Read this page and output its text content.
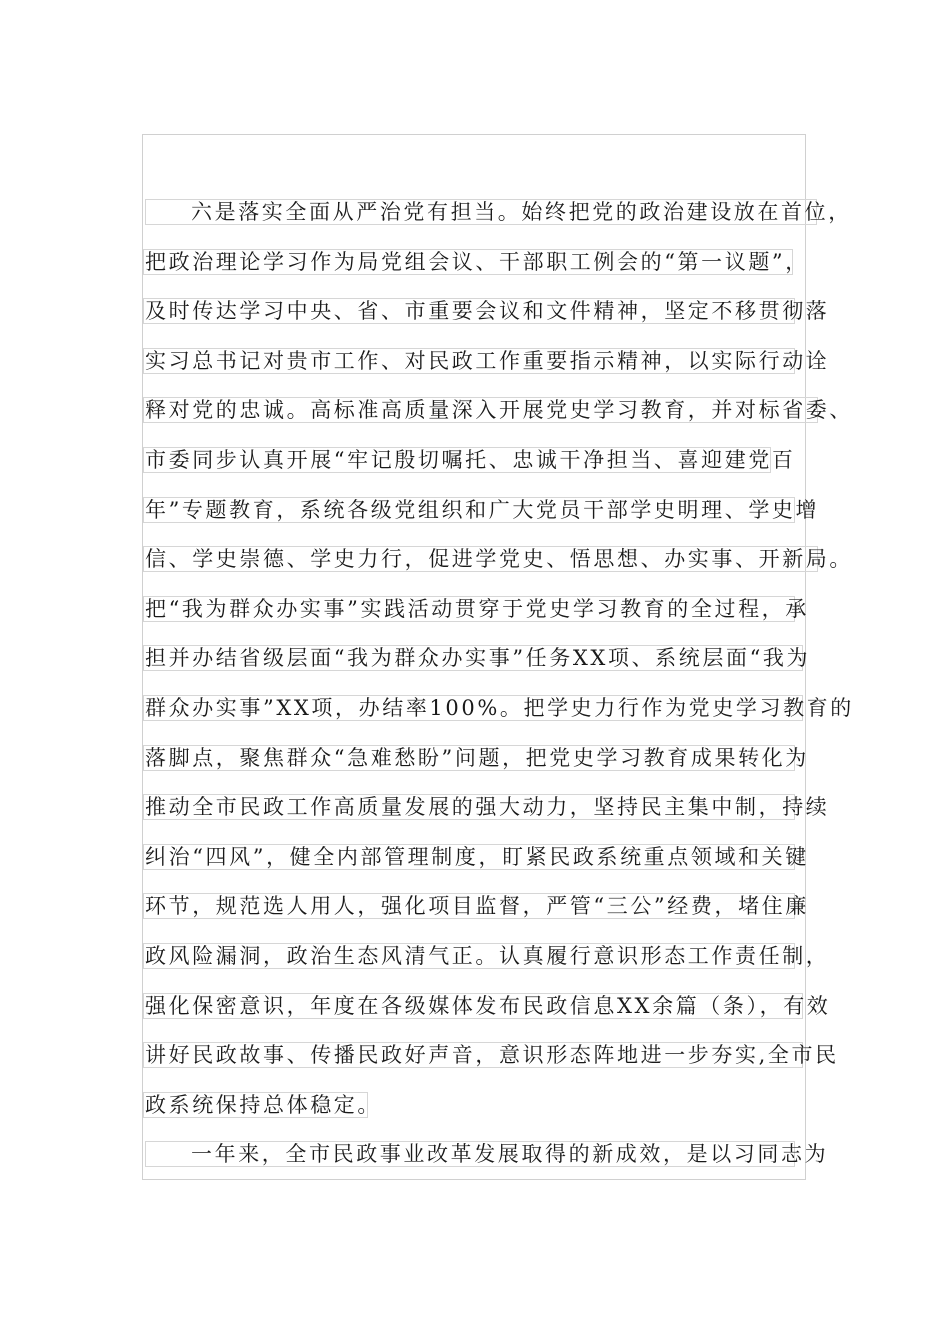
六是落实全面从严治党有担当。始终把党的政治建设放在首位，
把政治理论学习作为局党组会议、干部职工例会的“第一议题”，
及时传达学习中央、省、市重要会议和文件精神，坚定不移贯彻落
实习总书记对贵市工作、对民政工作重要指示精神，以实际行动诠
释对党的忠诚。高标准高质量深入开展党史学习教育，并对标省委、
市委同步认真开展“牢记殷切嘱托、忠诚干净担当、喜迎建党百
年”专题教育，系统各级党组织和广大党员干部学史明理、学史增
信、学史崇德、学史力行，促进学党史、悟思想、办实事、开新局。
把“我为群众办实事”实践活动贯穿于党史学习教育的全过程，承
担并办结省级层面“我为群众办实事”任务XX项、系统层面“我为
群众办实事”XX项，办结率100%。把学史力行作为党史学习教育的
落脚点，聚焦群众“急难愁盼”问题，把党史学习教育成果转化为
推动全市民政工作高质量发展的强大动力，坚持民主集中制，持续
纠治“四风”，健全内部管理制度，盯紧民政系统重点领域和关键
环节，规范选人用人，强化项目监督，严管“三公”经费，堵住廉
政风险漏洞，政治生态风清气正。认真履行意识形态工作责任制，
强化保密意识，年度在各级媒体发布民政信息XX余篇（条），有效
讲好民政故事、传播民政好声音，意识形态阵地进一步夯实,全市民
政系统保持总体稳定。
一年来，全市民政事业改革发展取得的新成效，是以习同志为
